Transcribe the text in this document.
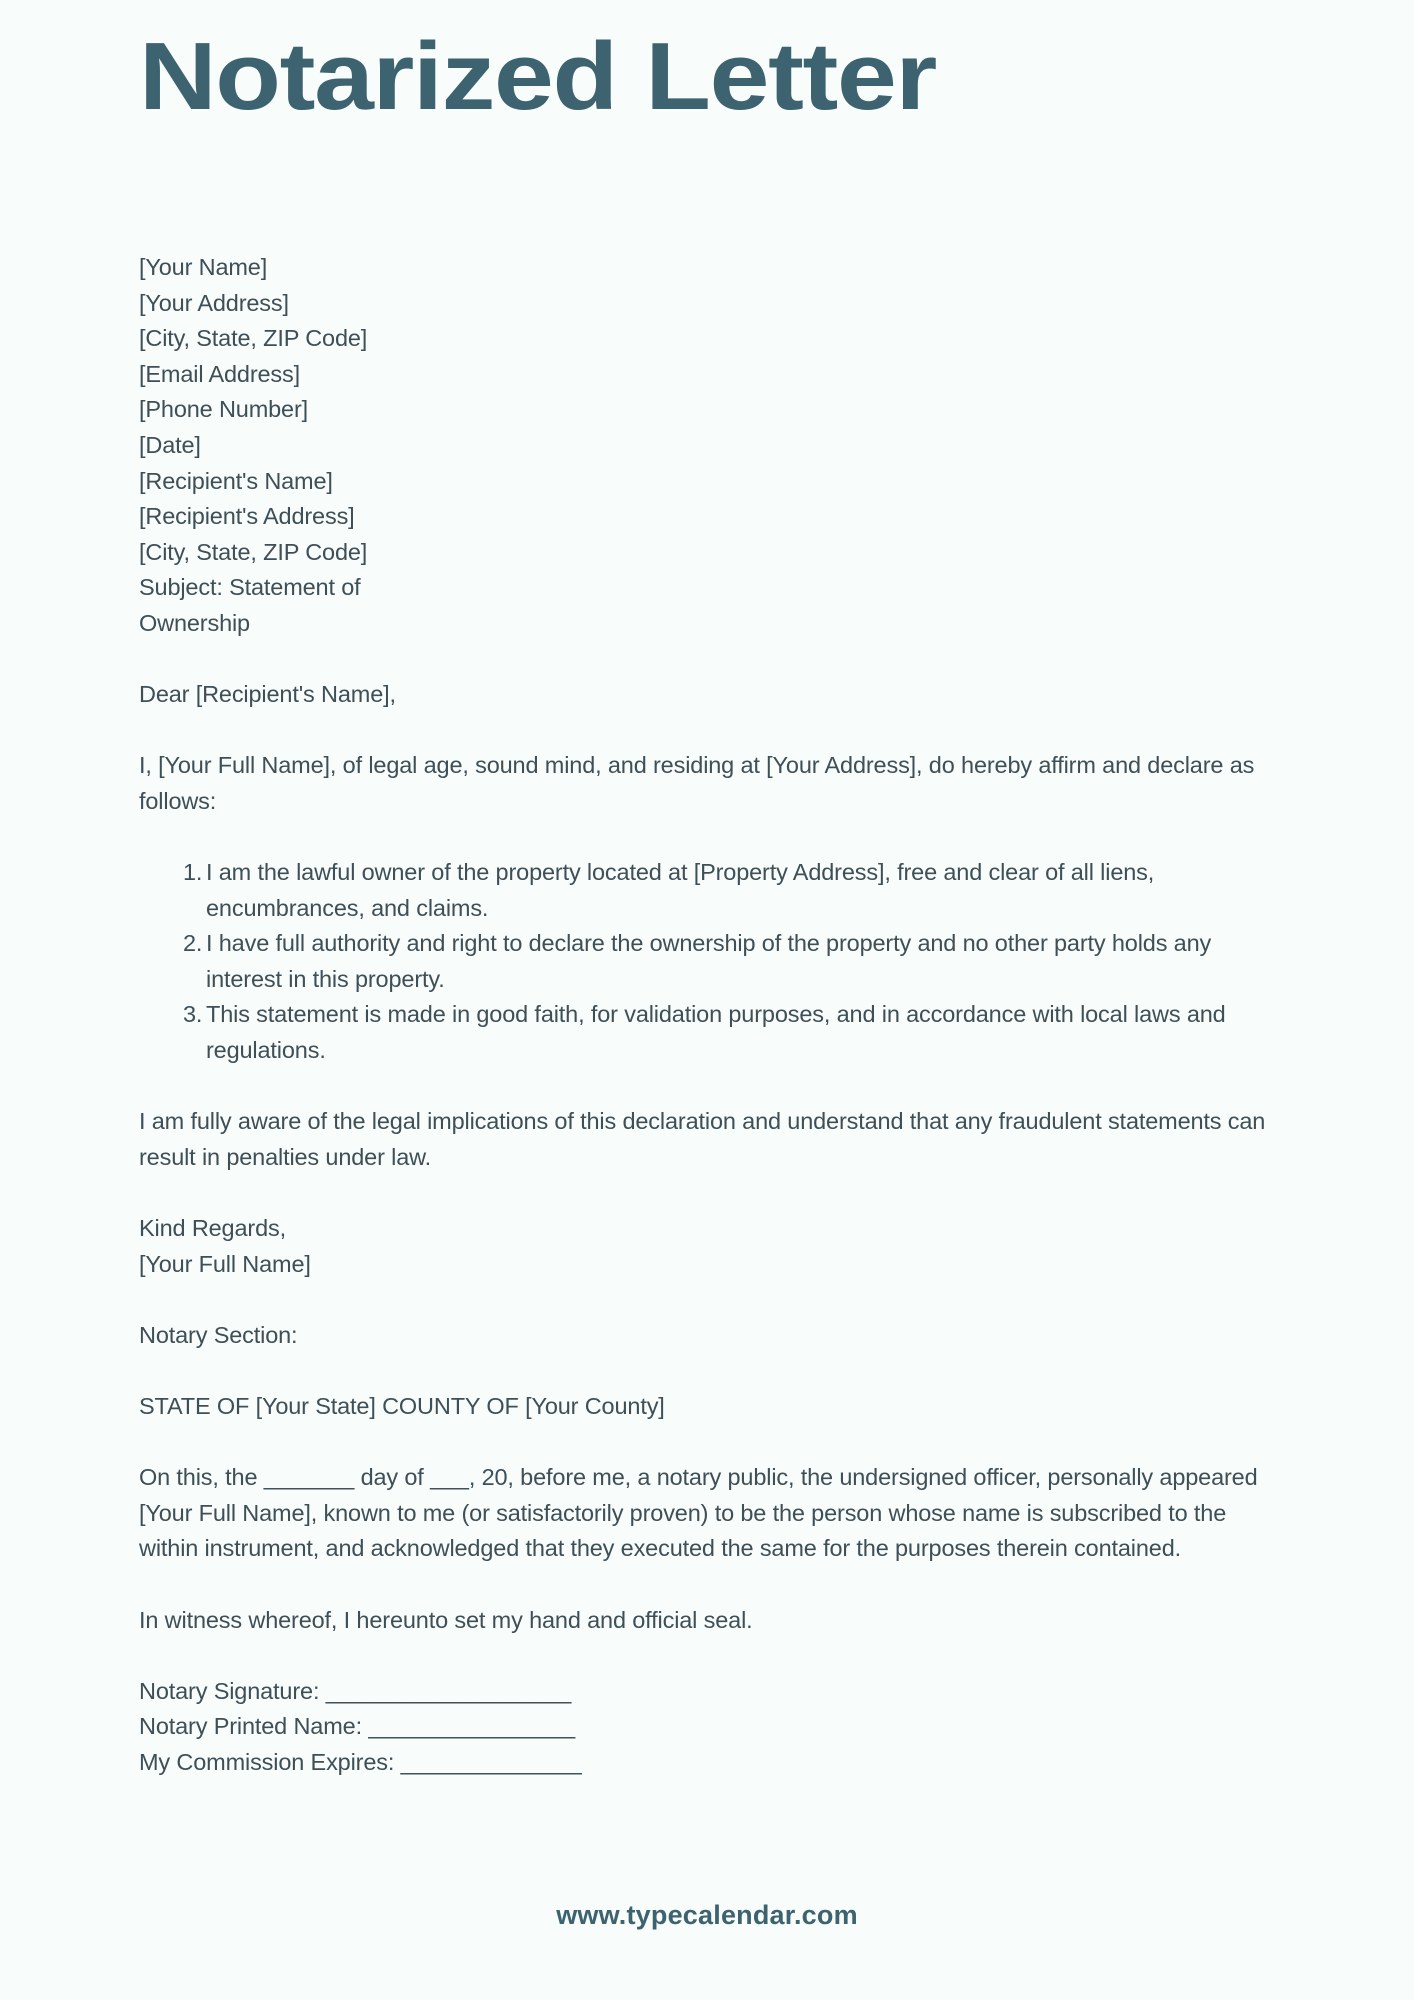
Notarized Letter
[Your Name]
[Your Address]
[City, State, ZIP Code]
[Email Address]
[Phone Number]
[Date]
[Recipient's Name]
[Recipient's Address]
[City, State, ZIP Code]
Subject: Statement of
Ownership

Dear [Recipient's Name],

I, [Your Full Name], of legal age, sound mind, and residing at [Your Address], do hereby affirm and declare as follows:

I am the lawful owner of the property located at [Property Address], free and clear of all liens, encumbrances, and claims.
I have full authority and right to declare the ownership of the property and no other party holds any interest in this property.
This statement is made in good faith, for validation purposes, and in accordance with local laws and regulations.

I am fully aware of the legal implications of this declaration and understand that any fraudulent statements can result in penalties under law.

Kind Regards,
[Your Full Name]

Notary Section:

STATE OF [Your State] COUNTY OF [Your County]

On this, the _______ day of ___, 20, before me, a notary public, the undersigned officer, personally appeared [Your Full Name], known to me (or satisfactorily proven) to be the person whose name is subscribed to the within instrument, and acknowledged that they executed the same for the purposes therein contained.

In witness whereof, I hereunto set my hand and official seal.

Notary Signature: ___________________
Notary Printed Name: ________________
My Commission Expires: ______________
www.typecalendar.com
